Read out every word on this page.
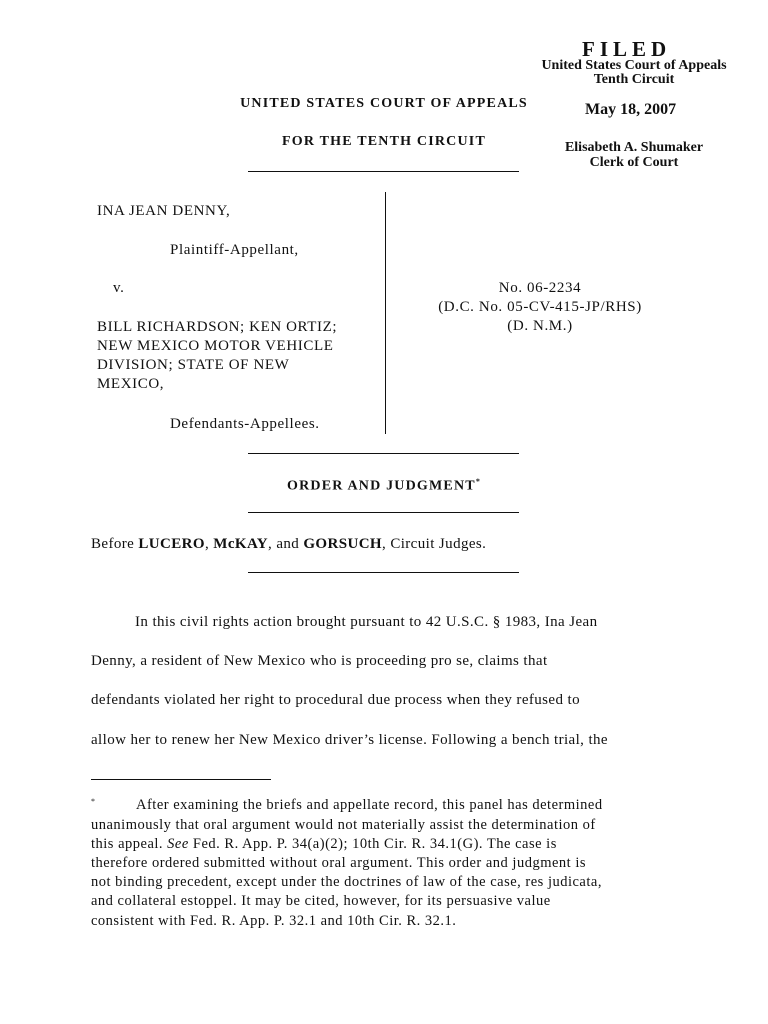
FILED
United States Court of Appeals
Tenth Circuit
May 18, 2007
Elisabeth A. Shumaker
Clerk of Court
UNITED STATES COURT OF APPEALS
FOR THE TENTH CIRCUIT
INA JEAN DENNY,
Plaintiff-Appellant,
v.
BILL RICHARDSON; KEN ORTIZ;
NEW MEXICO MOTOR VEHICLE
DIVISION; STATE OF NEW
MEXICO,
Defendants-Appellees.
No. 06-2234
(D.C. No. 05-CV-415-JP/RHS)
(D. N.M.)
ORDER AND JUDGMENT*
Before LUCERO, McKAY, and GORSUCH, Circuit Judges.
In this civil rights action brought pursuant to 42 U.S.C. § 1983, Ina Jean
Denny, a resident of New Mexico who is proceeding pro se, claims that
defendants violated her right to procedural due process when they refused to
allow her to renew her New Mexico driver’s license. Following a bench trial, the
*	After examining the briefs and appellate record, this panel has determined
unanimously that oral argument would not materially assist the determination of
this appeal. See Fed. R. App. P. 34(a)(2); 10th Cir. R. 34.1(G). The case is
therefore ordered submitted without oral argument. This order and judgment is
not binding precedent, except under the doctrines of law of the case, res judicata,
and collateral estoppel. It may be cited, however, for its persuasive value
consistent with Fed. R. App. P. 32.1 and 10th Cir. R. 32.1.
